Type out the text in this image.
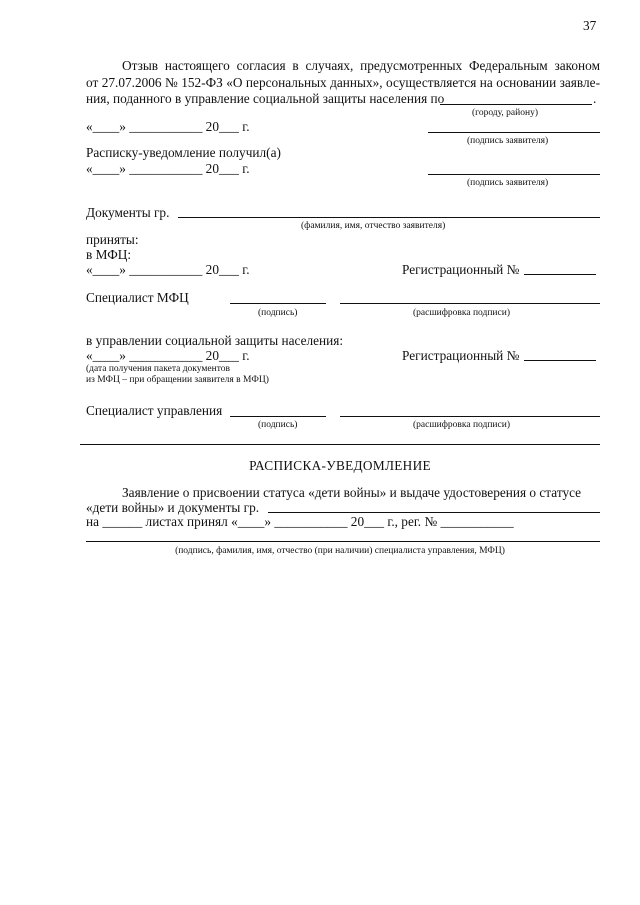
37
Отзыв настоящего согласия в случаях, предусмотренных Федеральным законом
от 27.07.2006 № 152-ФЗ «О персональных данных», осуществляется на основании заявле-
ния, поданного в управление социальной защиты населения по	.
(городу, району)
«____» ___________ 20___ г.
(подпись заявителя)
Расписку-уведомление получил(а)
«____» ___________ 20___ г.
(подпись заявителя)
Документы гр.
(фамилия, имя, отчество заявителя)
приняты:
в МФЦ:
«____» ___________ 20___ г.	Регистрационный №
Специалист МФЦ
(подпись)	(расшифровка подписи)
в управлении социальной защиты населения:
«____» ___________ 20___ г.	Регистрационный №
(дата получения пакета документов
из МФЦ – при обращении заявителя в МФЦ)
Специалист управления
(подпись)	(расшифровка подписи)
РАСПИСКА-УВЕДОМЛЕНИЕ
Заявление о присвоении статуса «дети войны» и выдаче удостоверения о статусе
«дети войны» и документы гр.
на ______ листах принял «____» ___________ 20___ г., рег. № ___________
(подпись, фамилия, имя, отчество (при наличии) специалиста управления, МФЦ)
